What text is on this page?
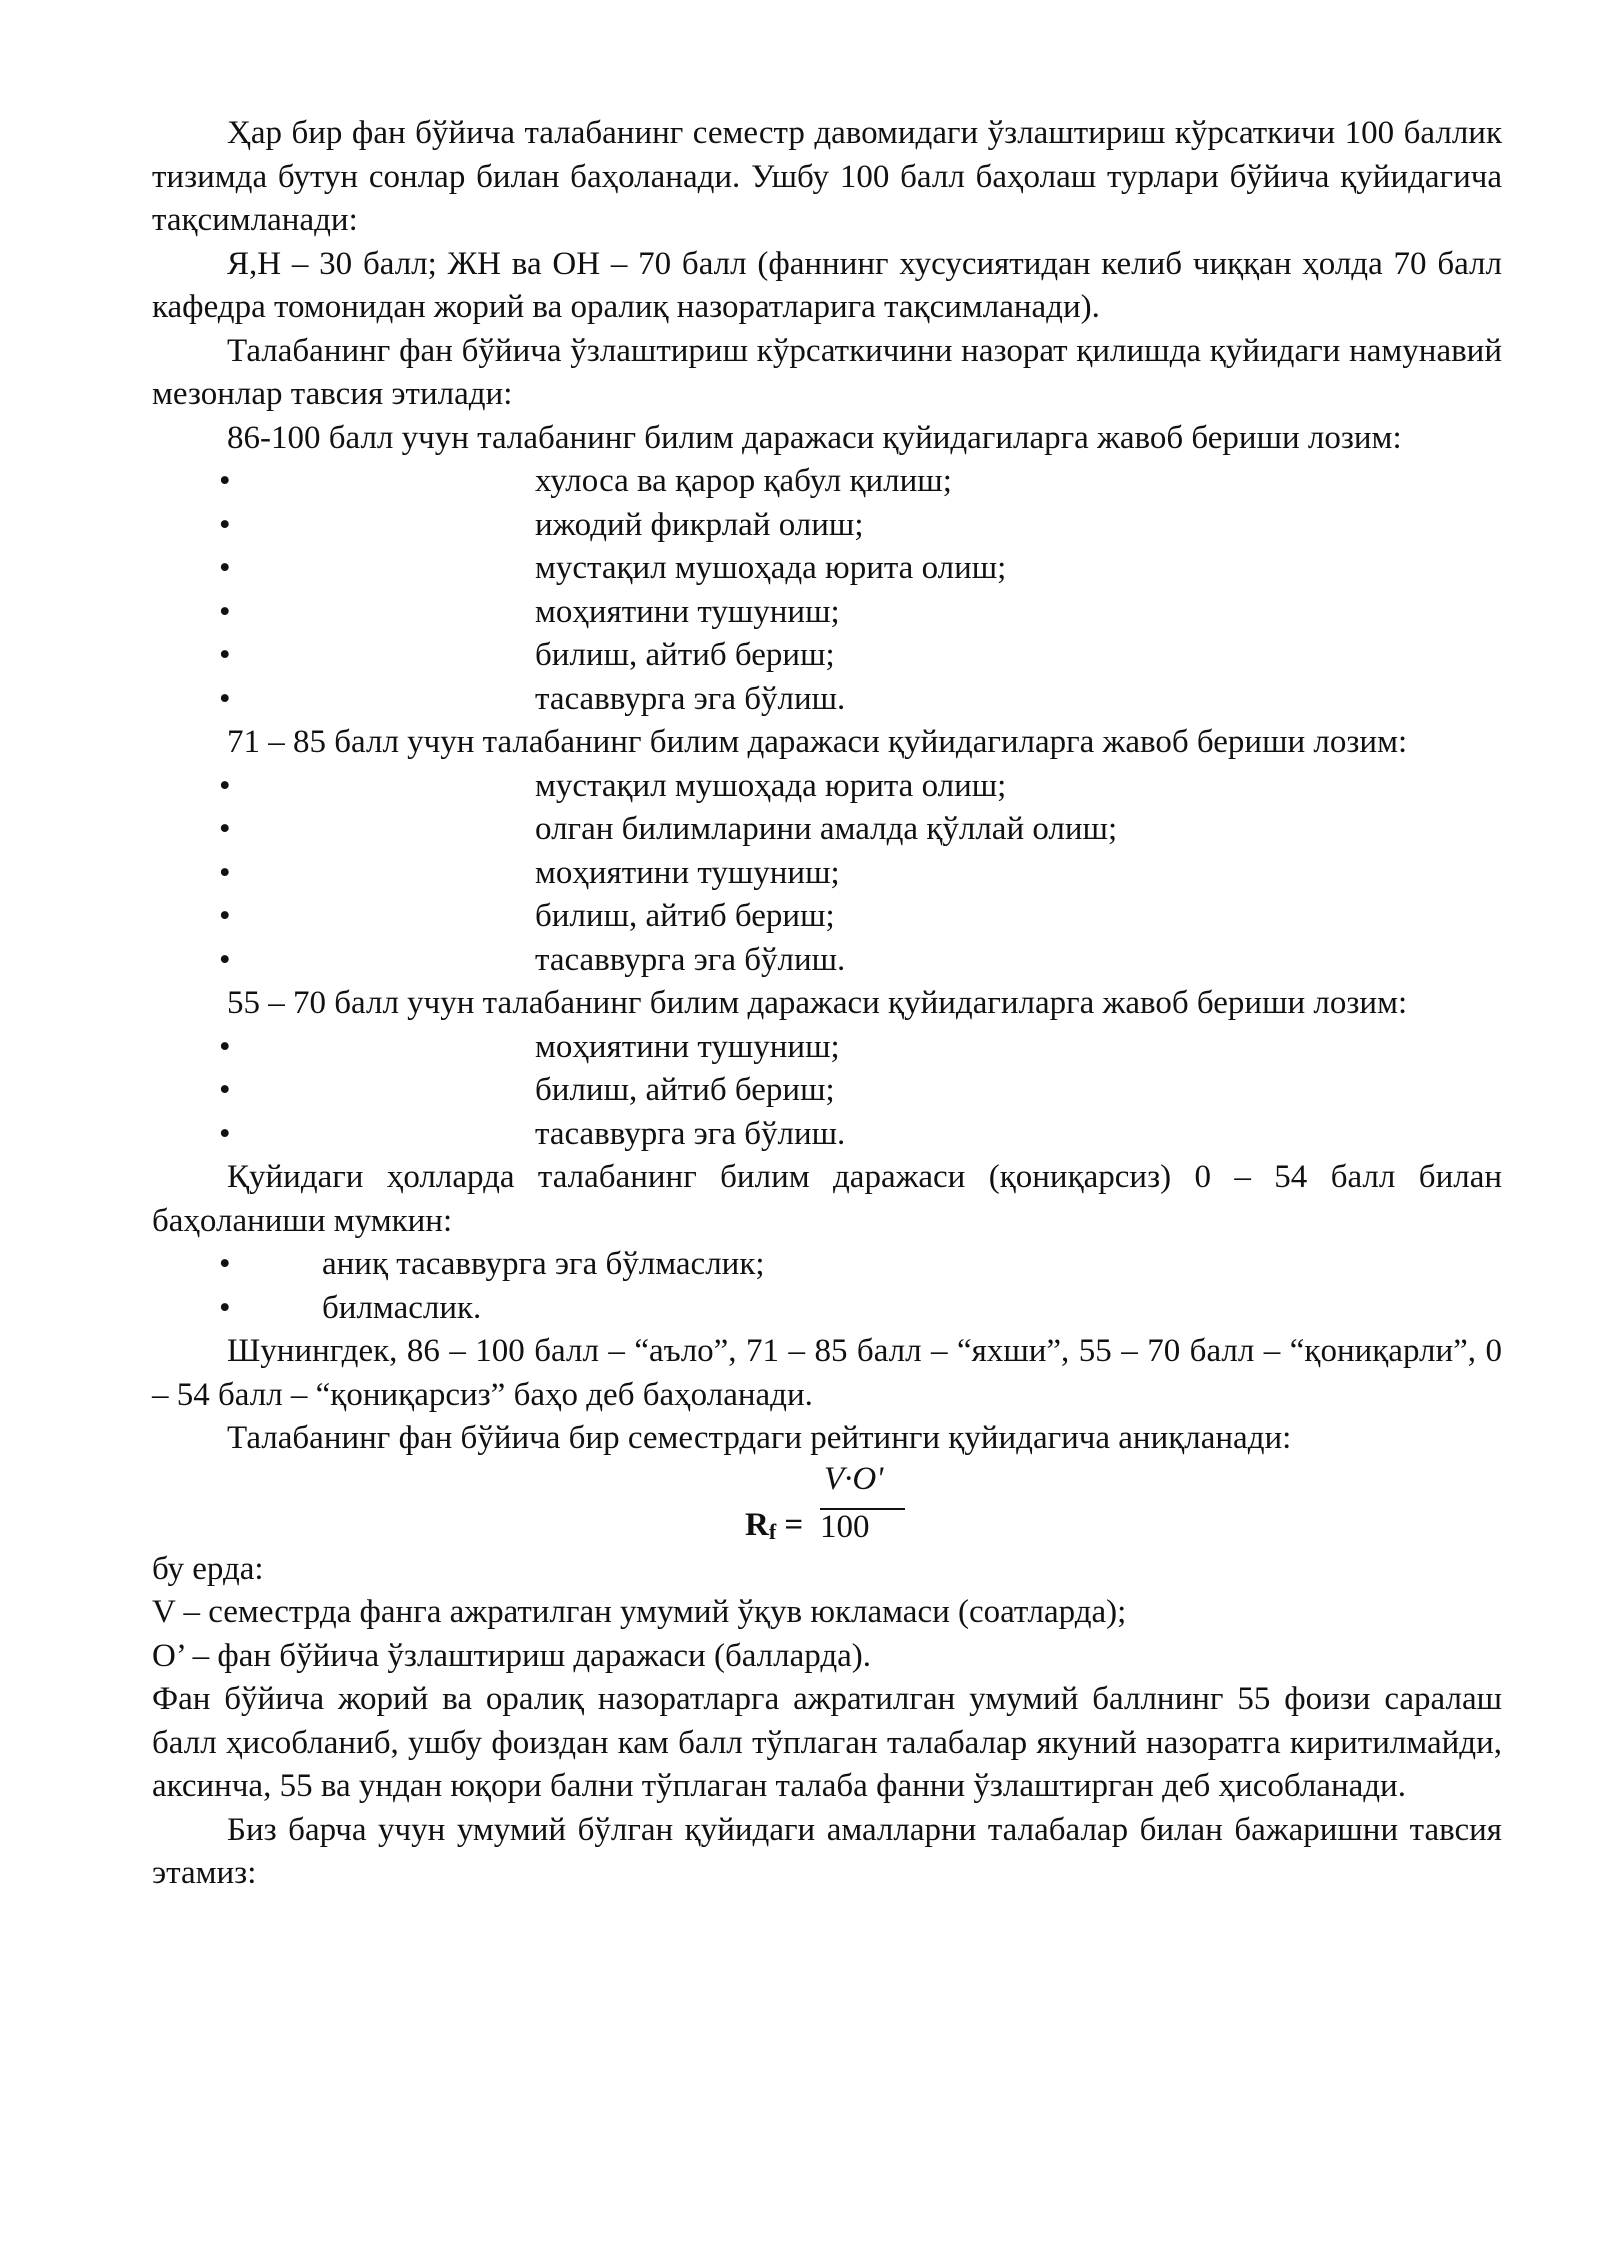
Ҳар бир фан бўйича талабанинг семестр давомидаги ўзлаштириш кўрсаткичи 100 баллик тизимда бутун сонлар билан баҳоланади. Ушбу 100 балл баҳолаш турлари бўйича қуйидагича тақсимланади:

Я,Н – 30 балл; ЖН ва ОН – 70 балл (фаннинг хусусиятидан келиб чиққан ҳолда 70 балл кафедра томонидан жорий ва оралиқ назоратларига тақсимланади).

Талабанинг фан бўйича ўзлаштириш кўрсаткичини назорат қилишда қуйидаги намунавий мезонлар тавсия этилади:

86-100 балл учун талабанинг билим даражаси қуйидагиларга жавоб бериши лозим:

•	хулоса ва қарор қабул қилиш;
•	ижодий фикрлай олиш;
•	мустақил мушоҳада юрита олиш;
•	моҳиятини тушуниш;
•	билиш, айтиб бериш;
•	тасаввурга эга бўлиш.

71 – 85 балл учун талабанинг билим даражаси қуйидагиларга жавоб бериши лозим:

•	мустақил мушоҳада юрита олиш;
•	олган билимларини амалда қўллай олиш;
•	моҳиятини тушуниш;
•	билиш, айтиб бериш;
•	тасаввурга эга бўлиш.

55 – 70 балл учун талабанинг билим даражаси қуйидагиларга жавоб бериши лозим:

•	моҳиятини тушуниш;
•	билиш, айтиб бериш;
•	тасаввурга эга бўлиш.

Қуйидаги ҳолларда талабанинг билим даражаси (қониқарсиз) 0 – 54 балл билан баҳоланиши мумкин:

•	аниқ тасаввурга эга бўлмаслик;
•	билмаслик.

Шунингдек, 86 – 100 балл – “аъло”, 71 – 85 балл – “яхши”, 55 – 70 балл – “қониқарли”, 0 – 54 балл – “қониқарсиз” баҳо деб баҳоланади.

Талабанинг фан бўйича бир семестрдаги рейтинги қуйидагича аниқланади:

V·O'
100
$R_f$ =

бу ерда:

V – семестрда фанга ажратилган умумий ўқув юкламаси (соатларда);

O’ – фан бўйича ўзлаштириш даражаси (балларда).

Фан бўйича жорий ва оралиқ назоратларга ажратилган умумий баллнинг 55 фоизи саралаш балл ҳисобланиб, ушбу фоиздан кам балл тўплаган талабалар якуний назоратга киритилмайди, аксинча, 55 ва ундан юқори бални тўплаган талаба фанни ўзлаштирган деб ҳисобланади.

Биз барча учун умумий бўлган қуйидаги амалларни талабалар билан бажаришни тавсия этамиз:
